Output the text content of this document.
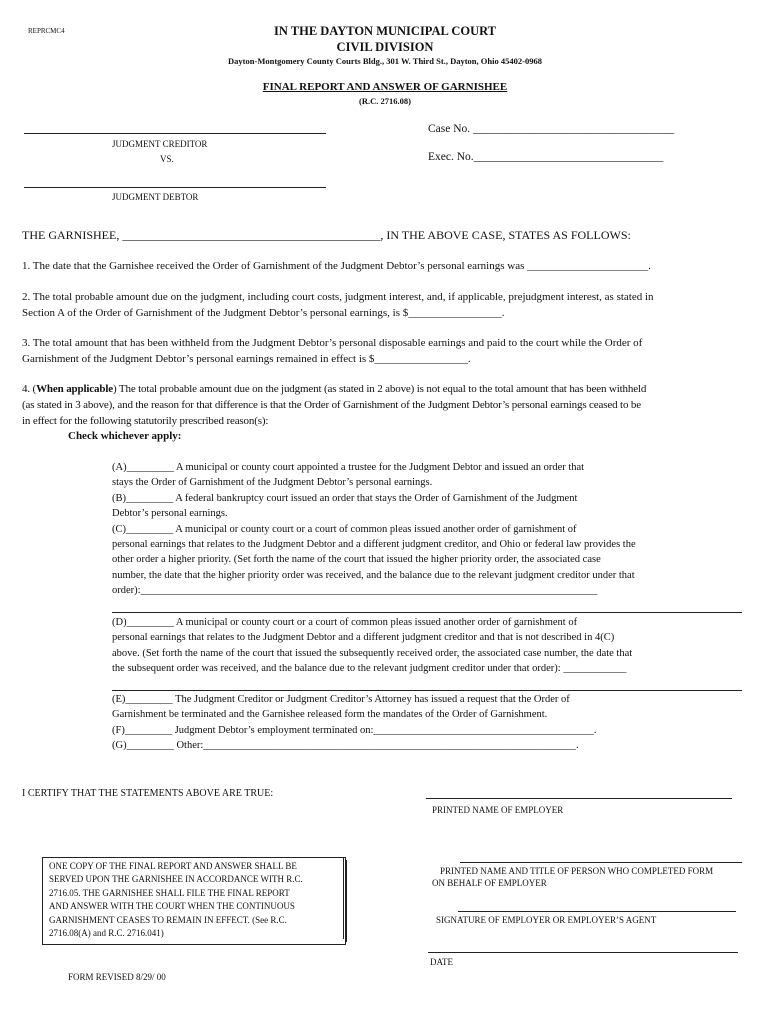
REPRCMC4	IN THE DAYTON MUNICIPAL COURT
CIVIL DIVISION
Dayton-Montgomery County Courts Bldg., 301 W. Third St., Dayton, Ohio 45402-0968
FINAL REPORT AND ANSWER OF GARNISHEE
(R.C. 2716.08)
JUDGMENT CREDITOR
VS.
JUDGMENT DEBTOR
Case No. ___________________________________
Exec. No._________________________________
THE GARNISHEE, ___________________________________________, IN THE ABOVE CASE, STATES AS FOLLOWS:
1. The date that the Garnishee received the Order of Garnishment of the Judgment Debtor’s personal earnings was ______________________.
2. The total probable amount due on the judgment, including court costs, judgment interest, and, if applicable, prejudgment interest, as stated in
Section A of the Order of Garnishment of the Judgment Debtor’s personal earnings, is $_________________.
3. The total amount that has been withheld from the Judgment Debtor’s personal disposable earnings and paid to the court while the Order of
Garnishment of the Judgment Debtor’s personal earnings remained in effect is $_________________.
4. (When applicable) The total probable amount due on the judgment (as stated in 2 above) is not equal to the total amount that has been withheld
(as stated in 3 above), and the reason for that difference is that the Order of Garnishment of the Judgment Debtor’s personal earnings ceased to be
in effect for the following statutorily prescribed reason(s):
Check whichever apply:
(A)_________ A municipal or county court appointed a trustee for the Judgment Debtor and issued an order that
stays the Order of Garnishment of the Judgment Debtor’s personal earnings.
(B)_________ A federal bankruptcy court issued an order that stays the Order of Garnishment of the Judgment
Debtor’s personal earnings.
(C)_________ A municipal or county court or a court of common pleas issued another order of garnishment of
personal earnings that relates to the Judgment Debtor and a different judgment creditor, and Ohio or federal law provides the
other order a higher priority. (Set forth the name of the court that issued the higher priority order, the associated case
number, the date that the higher priority order was received, and the balance due to the relevant judgment creditor under that
order):_______________________________________________________________________________________
(D)_________ A municipal or county court or a court of common pleas issued another order of garnishment of
personal earnings that relates to the Judgment Debtor and a different judgment creditor and that is not described in 4(C)
above. (Set forth the name of the court that issued the subsequently received order, the associated case number, the date that
the subsequent order was received, and the balance due to the relevant judgment creditor under that order): ____________
(E)_________ The Judgment Creditor or Judgment Creditor’s Attorney has issued a request that the Order of
Garnishment be terminated and the Garnishee released form the mandates of the Order of Garnishment.
(F)_________ Judgment Debtor’s employment terminated on:__________________________________________.
(G)_________ Other:_______________________________________________________________________.
I CERTIFY THAT THE STATEMENTS ABOVE ARE TRUE:
PRINTED NAME OF EMPLOYER
PRINTED NAME AND TITLE OF PERSON WHO COMPLETED FORM
ON BEHALF OF EMPLOYER
SIGNATURE OF EMPLOYER OR EMPLOYER’S AGENT
DATE
ONE COPY OF THE FINAL REPORT AND ANSWER SHALL BE
SERVED UPON THE GARNISHEE IN ACCORDANCE WITH R.C.
2716.05. THE GARNISHEE SHALL FILE THE FINAL REPORT
AND ANSWER WITH THE COURT WHEN THE CONTINUOUS
GARNISHMENT CEASES TO REMAIN IN EFFECT. (See R.C.
2716.08(A) and R.C. 2716.041)
FORM REVISED 8/29/ 00
